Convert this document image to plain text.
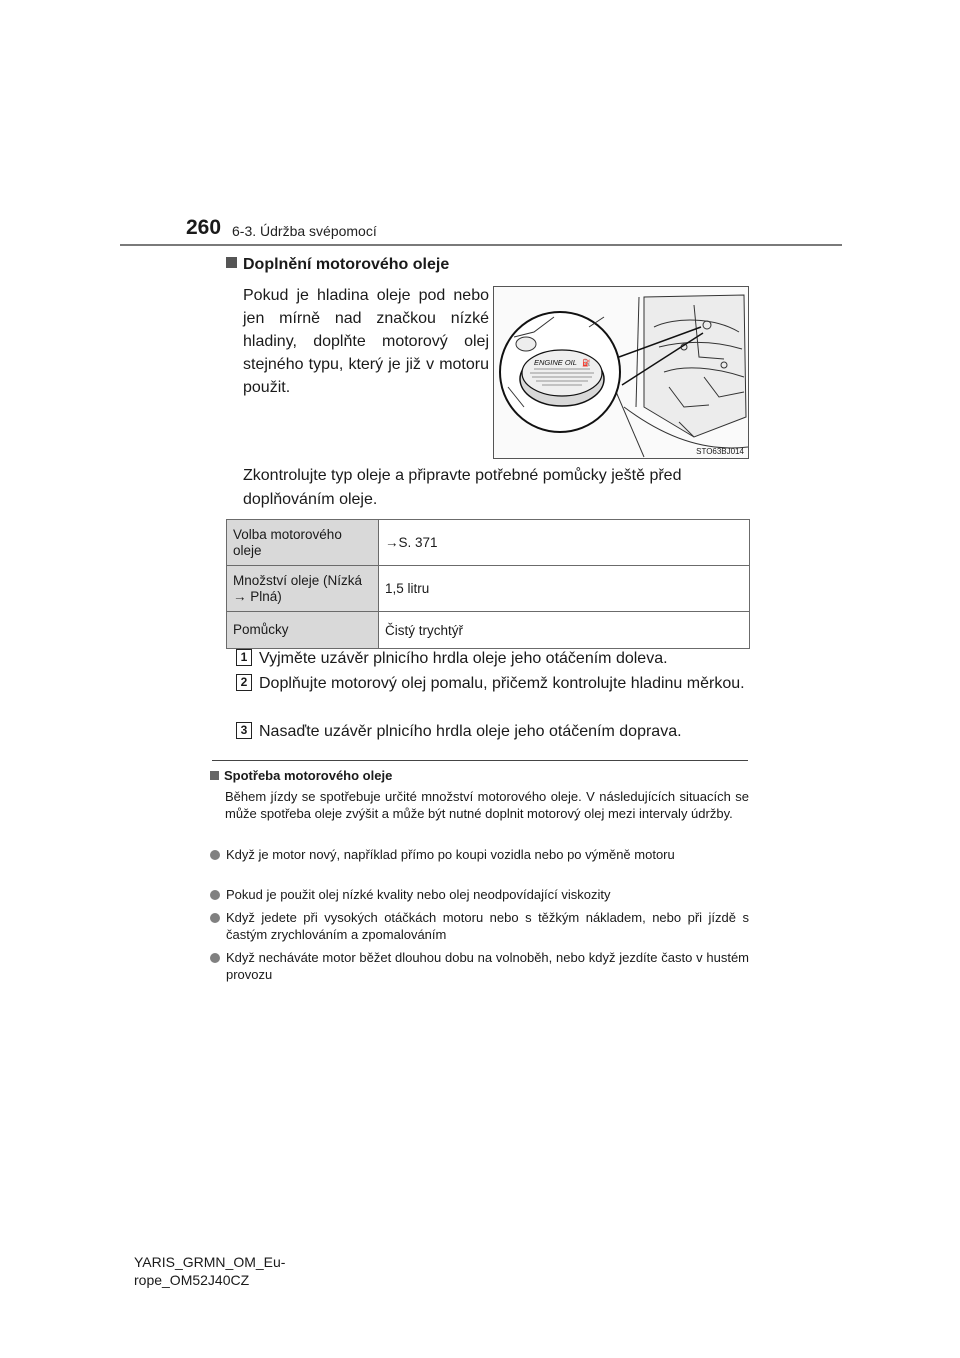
260 6-3. Údržba svépomocí
Doplnění motorového oleje
Pokud je hladina oleje pod nebo jen mírně nad značkou nízké hladiny, doplňte motorový olej stejného typu, který je již v motoru použit.
ENGINE OIL ⛽
STO63BJ014
Zkontrolujte typ oleje a připravte potřebné pomůcky ještě před doplňováním oleje.
Volba motorového oleje	→S. 371
Množství oleje (Nízká → Plná)	1,5 litru
Pomůcky	Čistý trychtýř
1 Vyjměte uzávěr plnicího hrdla oleje jeho otáčením doleva.
2 Doplňujte motorový olej pomalu, přičemž kontrolujte hladinu měrkou.
3 Nasaďte uzávěr plnicího hrdla oleje jeho otáčením doprava.
Spotřeba motorového oleje
Během jízdy se spotřebuje určité množství motorového oleje. V následujících situacích se může spotřeba oleje zvýšit a může být nutné doplnit motorový olej mezi intervaly údržby.
Když je motor nový, například přímo po koupi vozidla nebo po výměně motoru
Pokud je použit olej nízké kvality nebo olej neodpovídající viskozity
Když jedete při vysokých otáčkách motoru nebo s těžkým nákladem, nebo při jízdě s častým zrychlováním a zpomalováním
Když necháváte motor běžet dlouhou dobu na volnoběh, nebo když jezdíte často v hustém provozu
YARIS_GRMN_OM_Eu-
rope_OM52J40CZ
